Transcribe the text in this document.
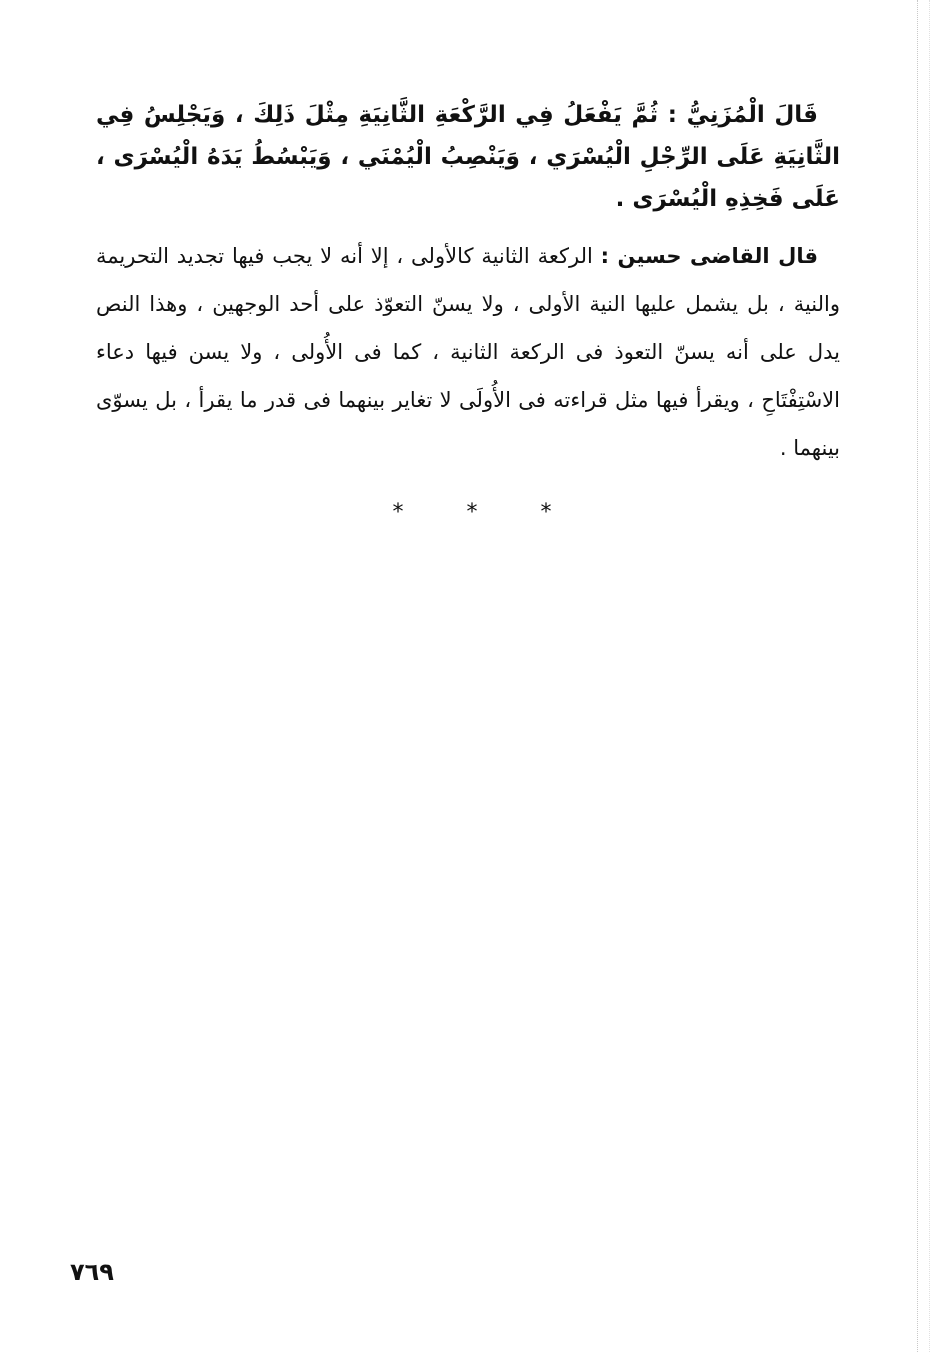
قَالَ الْمُزَنِيُّ : ثُمَّ يَفْعَلُ فِي الرَّكْعَةِ الثَّانِيَةِ مِثْلَ ذَلِكَ ، وَيَجْلِسُ فِي الثَّانِيَةِ عَلَى الرِّجْلِ الْيُسْرَي ، وَيَنْصِبُ الْيُمْنَي ، وَيَبْسُطُ يَدَهُ الْيُسْرَى ، عَلَى فَخِذِهِ الْيُسْرَى .

قال القاضى حسين : الركعة الثانية كالأولى ، إلا أنه لا يجب فيها تجديد التحريمة والنية ، بل يشمل عليها النية الأولى ، ولا يسنّ التعوّذ على أحد الوجهين ، وهذا النص يدل على أنه يسنّ التعوذ فى الركعة الثانية ، كما فى الأُولى ، ولا يسن فيها دعاء الاسْتِفْتَاحِ ، ويقرأ فيها مثل قراءته فى الأُولَى لا تغاير بينهما فى قدر ما يقرأ ، بل يسوّى بينهما .

*	*	*
٧٦٩
